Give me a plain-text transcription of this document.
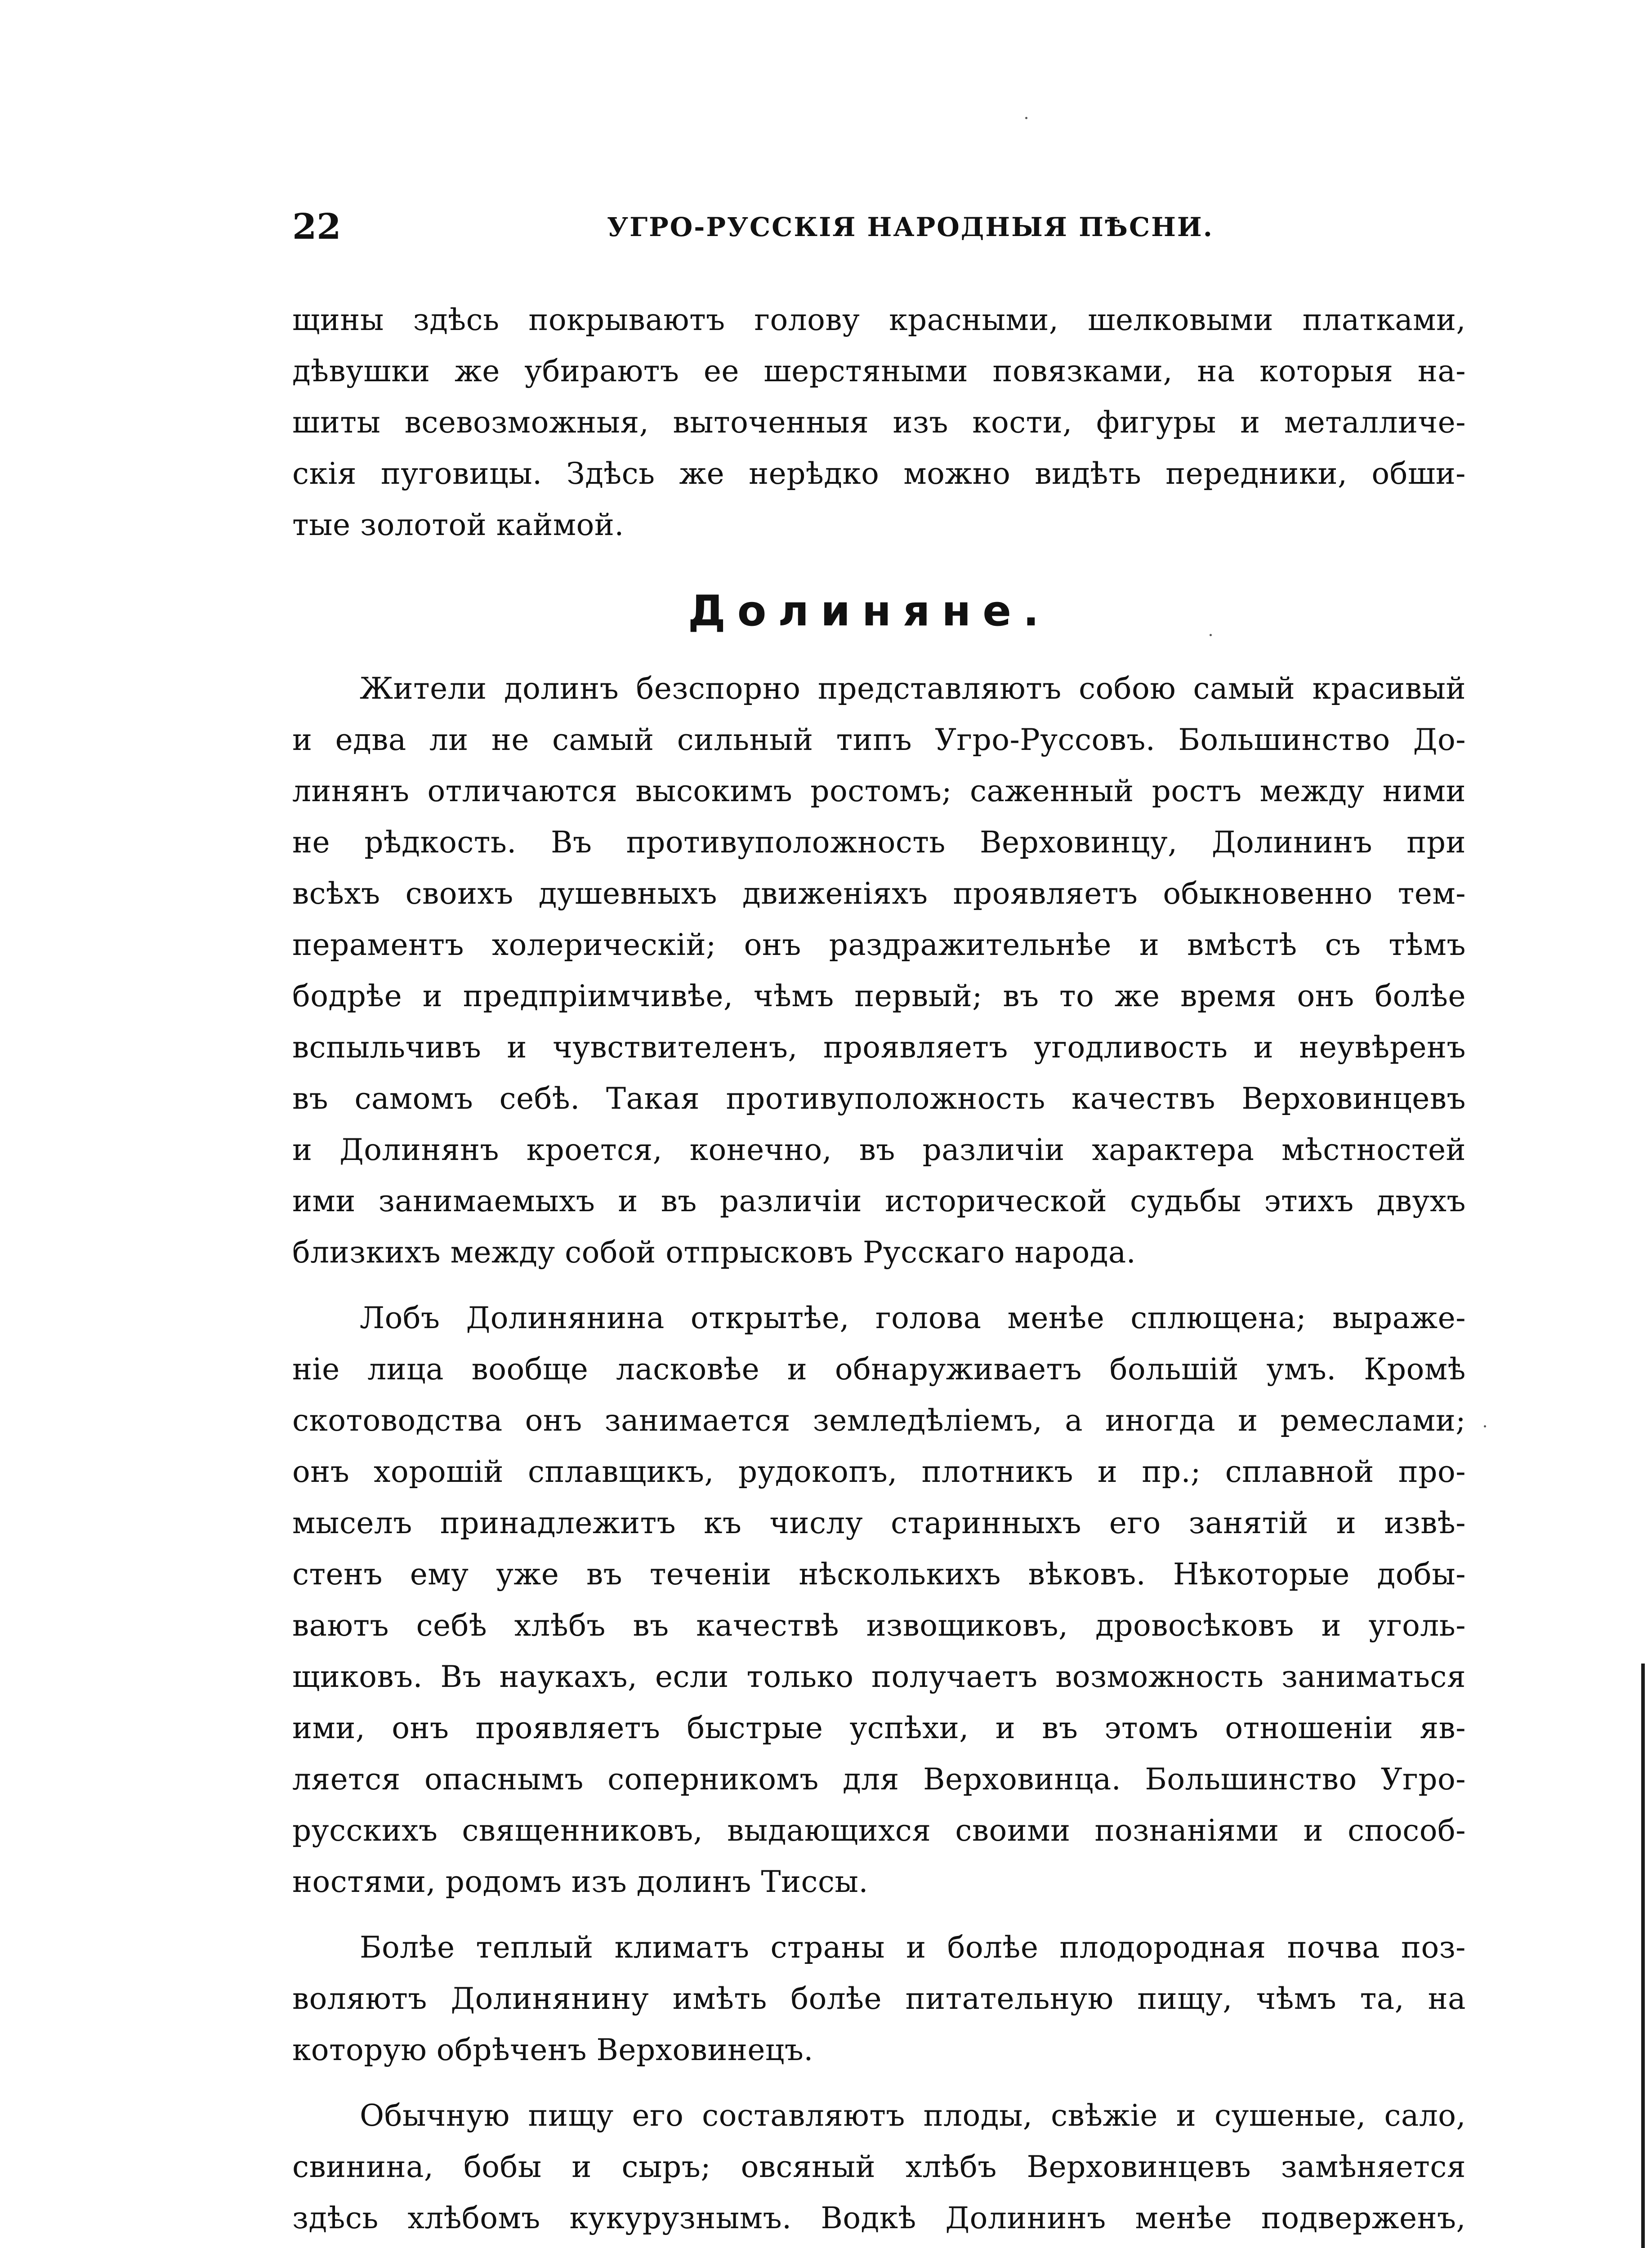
22	УГРО-РУССКІЯ НАРОДНЫЯ ПѢСНИ.
щины здѣсь покрываютъ голову красными, шелковыми платками,
дѣвушки же убираютъ ее шерстяными повязками, на которыя на-
шиты всевозможныя, выточенныя изъ кости, фигуры и металличе-
скія пуговицы. Здѣсь же нерѣдко можно видѣть передники, обши-
тые золотой каймой.
Долиняне.
Жители долинъ безспорно представляютъ собою самый красивый
и едва ли не самый сильный типъ Угро-Руссовъ. Большинство До-
линянъ отличаются высокимъ ростомъ; саженный ростъ между ними
не рѣдкость. Въ противуположность Верховинцу, Долининъ при
всѣхъ своихъ душевныхъ движеніяхъ проявляетъ обыкновенно тем-
пераментъ холерическій; онъ раздражительнѣе и вмѣстѣ съ тѣмъ
бодрѣе и предпріимчивѣе, чѣмъ первый; въ то же время онъ болѣе
вспыльчивъ и чувствителенъ, проявляетъ угодливость и неувѣренъ
въ самомъ себѣ. Такая противуположность качествъ Верховинцевъ
и Долинянъ кроется, конечно, въ различіи характера мѣстностей
ими занимаемыхъ и въ различіи исторической судьбы этихъ двухъ
близкихъ между собой отпрысковъ Русскаго народа.
Лобъ Долинянина открытѣе, голова менѣе сплющена; выраже-
ніе лица вообще ласковѣе и обнаруживаетъ большій умъ. Кромѣ
скотоводства онъ занимается земледѣліемъ, а иногда и ремеслами;
онъ хорошій сплавщикъ, рудокопъ, плотникъ и пр.; сплавной про-
мыселъ принадлежитъ къ числу старинныхъ его занятій и извѣ-
стенъ ему уже въ теченіи нѣсколькихъ вѣковъ. Нѣкоторые добы-
ваютъ себѣ хлѣбъ въ качествѣ извощиковъ, дровосѣковъ и уголь-
щиковъ. Въ наукахъ, если только получаетъ возможность заниматься
ими, онъ проявляетъ быстрые успѣхи, и въ этомъ отношеніи яв-
ляется опаснымъ соперникомъ для Верховинца. Большинство Угро-
русскихъ священниковъ, выдающихся своими познаніями и способ-
ностями, родомъ изъ долинъ Тиссы.
Болѣе теплый климатъ страны и болѣе плодородная почва поз-
воляютъ Долинянину имѣть болѣе питательную пищу, чѣмъ та, на
которую обрѣченъ Верховинецъ.
Обычную пищу его составляютъ плоды, свѣжіе и сушеные, сало,
свинина, бобы и сыръ; овсяный хлѣбъ Верховинцевъ замѣняется
здѣсь хлѣбомъ кукурузнымъ. Водкѣ Долининъ менѣе подверженъ,
